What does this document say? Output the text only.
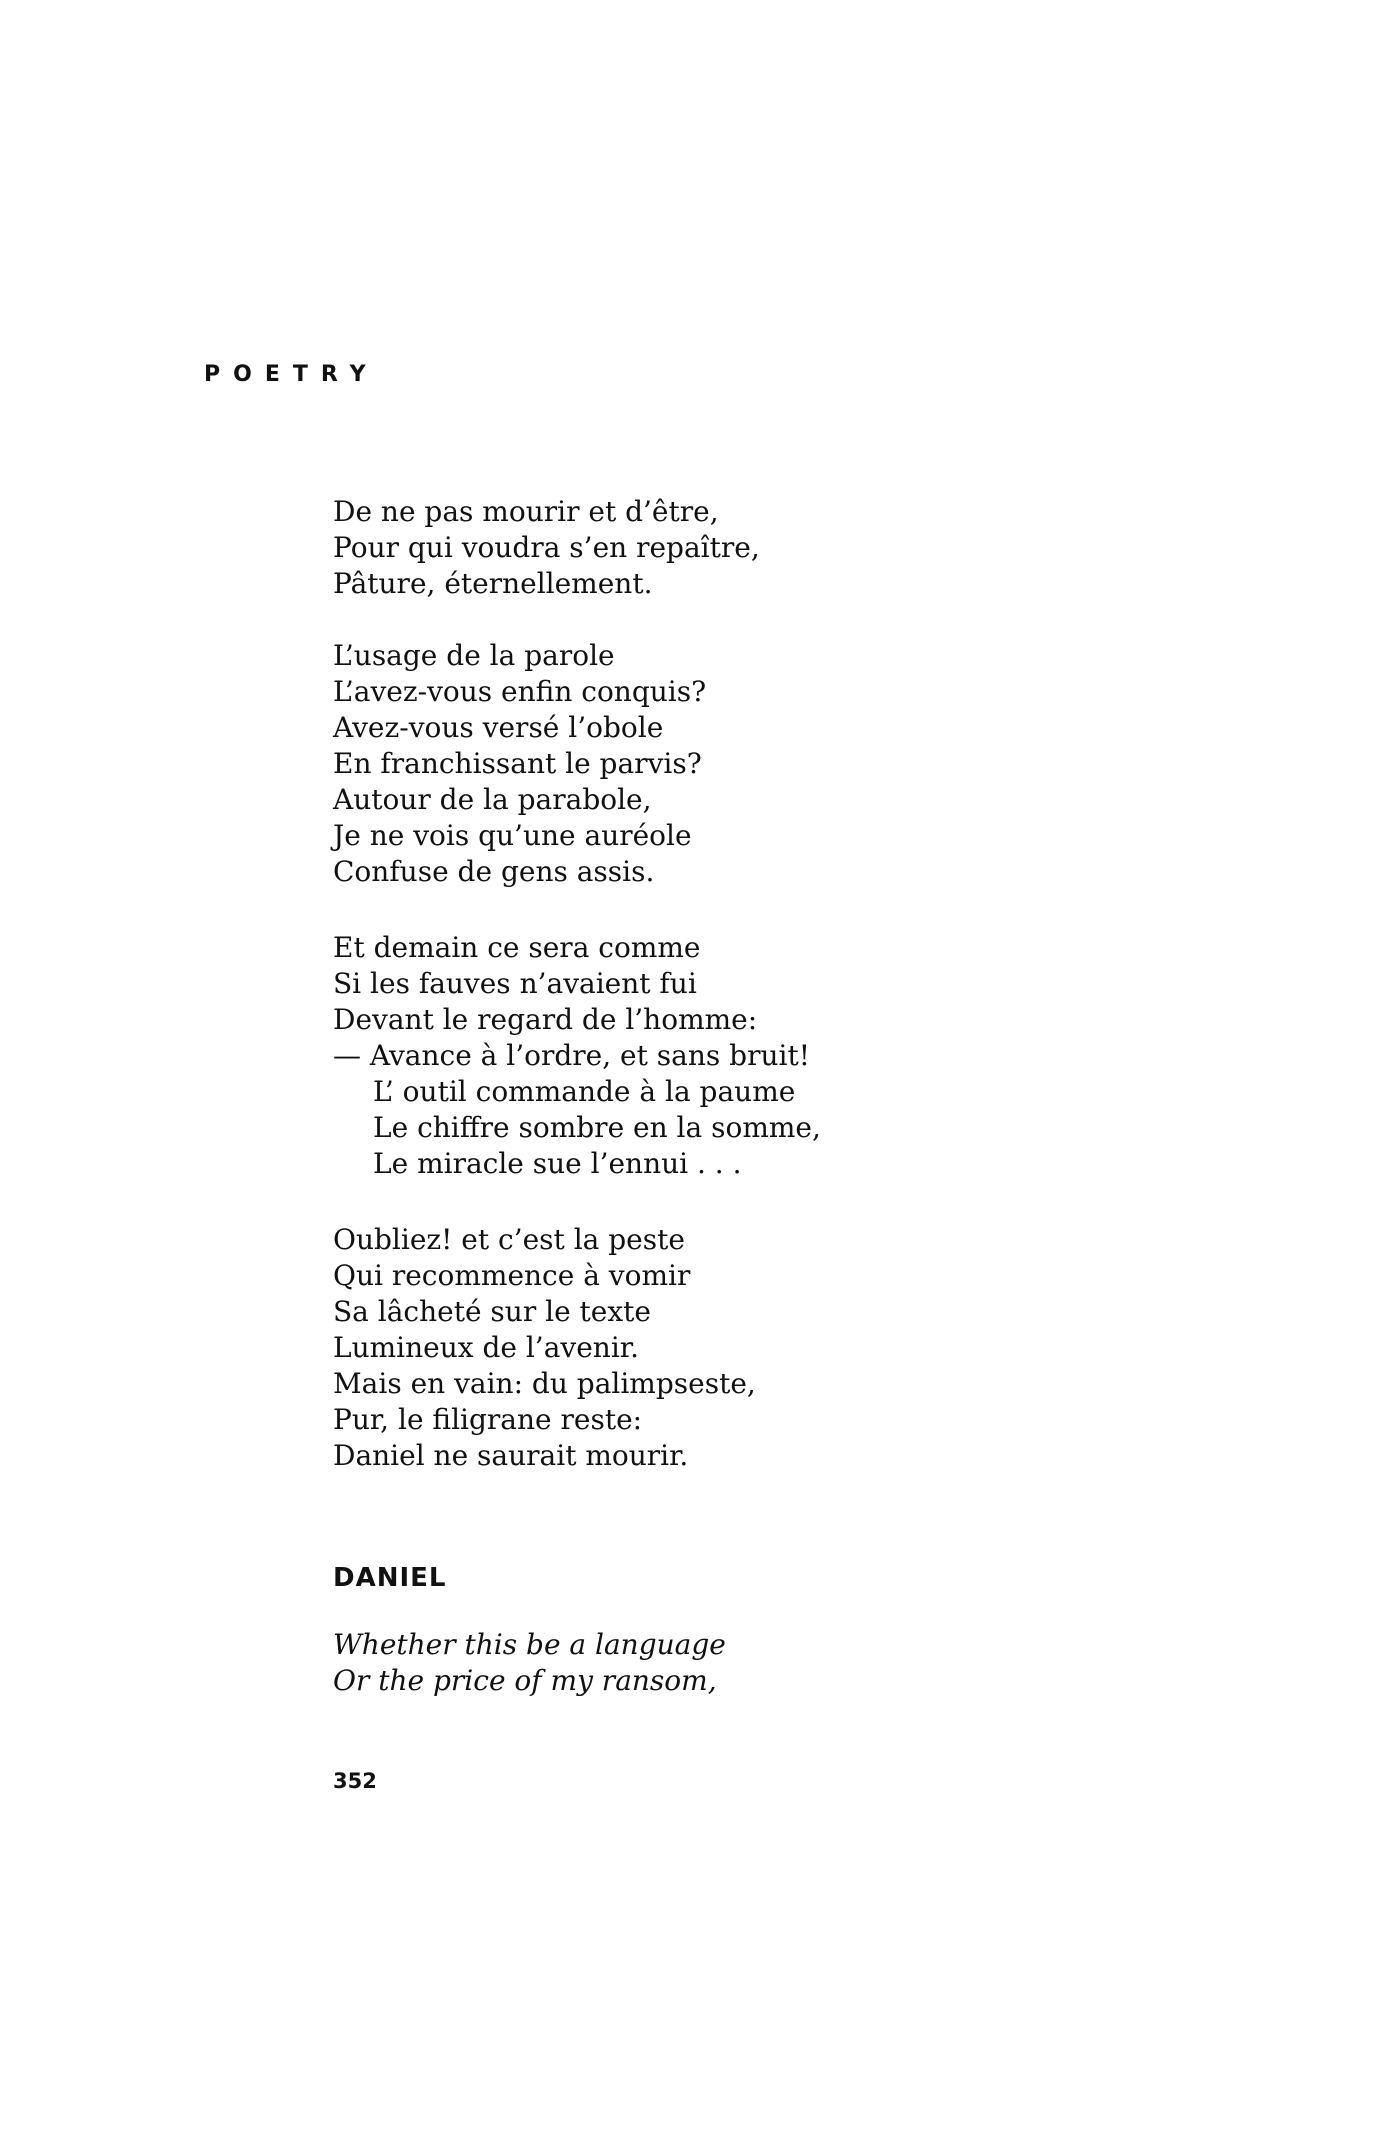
POETRY
De ne pas mourir et d’être,
Pour qui voudra s’en repaître,
Pâture, éternellement.
L’usage de la parole
L’avez-vous enfin conquis?
Avez-vous versé l’obole
En franchissant le parvis?
Autour de la parabole,
Je ne vois qu’une auréole
Confuse de gens assis.
Et demain ce sera comme
Si les fauves n’avaient fui
Devant le regard de l’homme:
— Avance à l’ordre, et sans bruit!
L’ outil commande à la paume
Le chiffre sombre en la somme,
Le miracle sue l’ennui . . .
Oubliez! et c’est la peste
Qui recommence à vomir
Sa lâcheté sur le texte
Lumineux de l’avenir.
Mais en vain: du palimpseste,
Pur, le filigrane reste:
Daniel ne saurait mourir.
DANIEL
Whether this be a language
Or the price of my ransom,
352
